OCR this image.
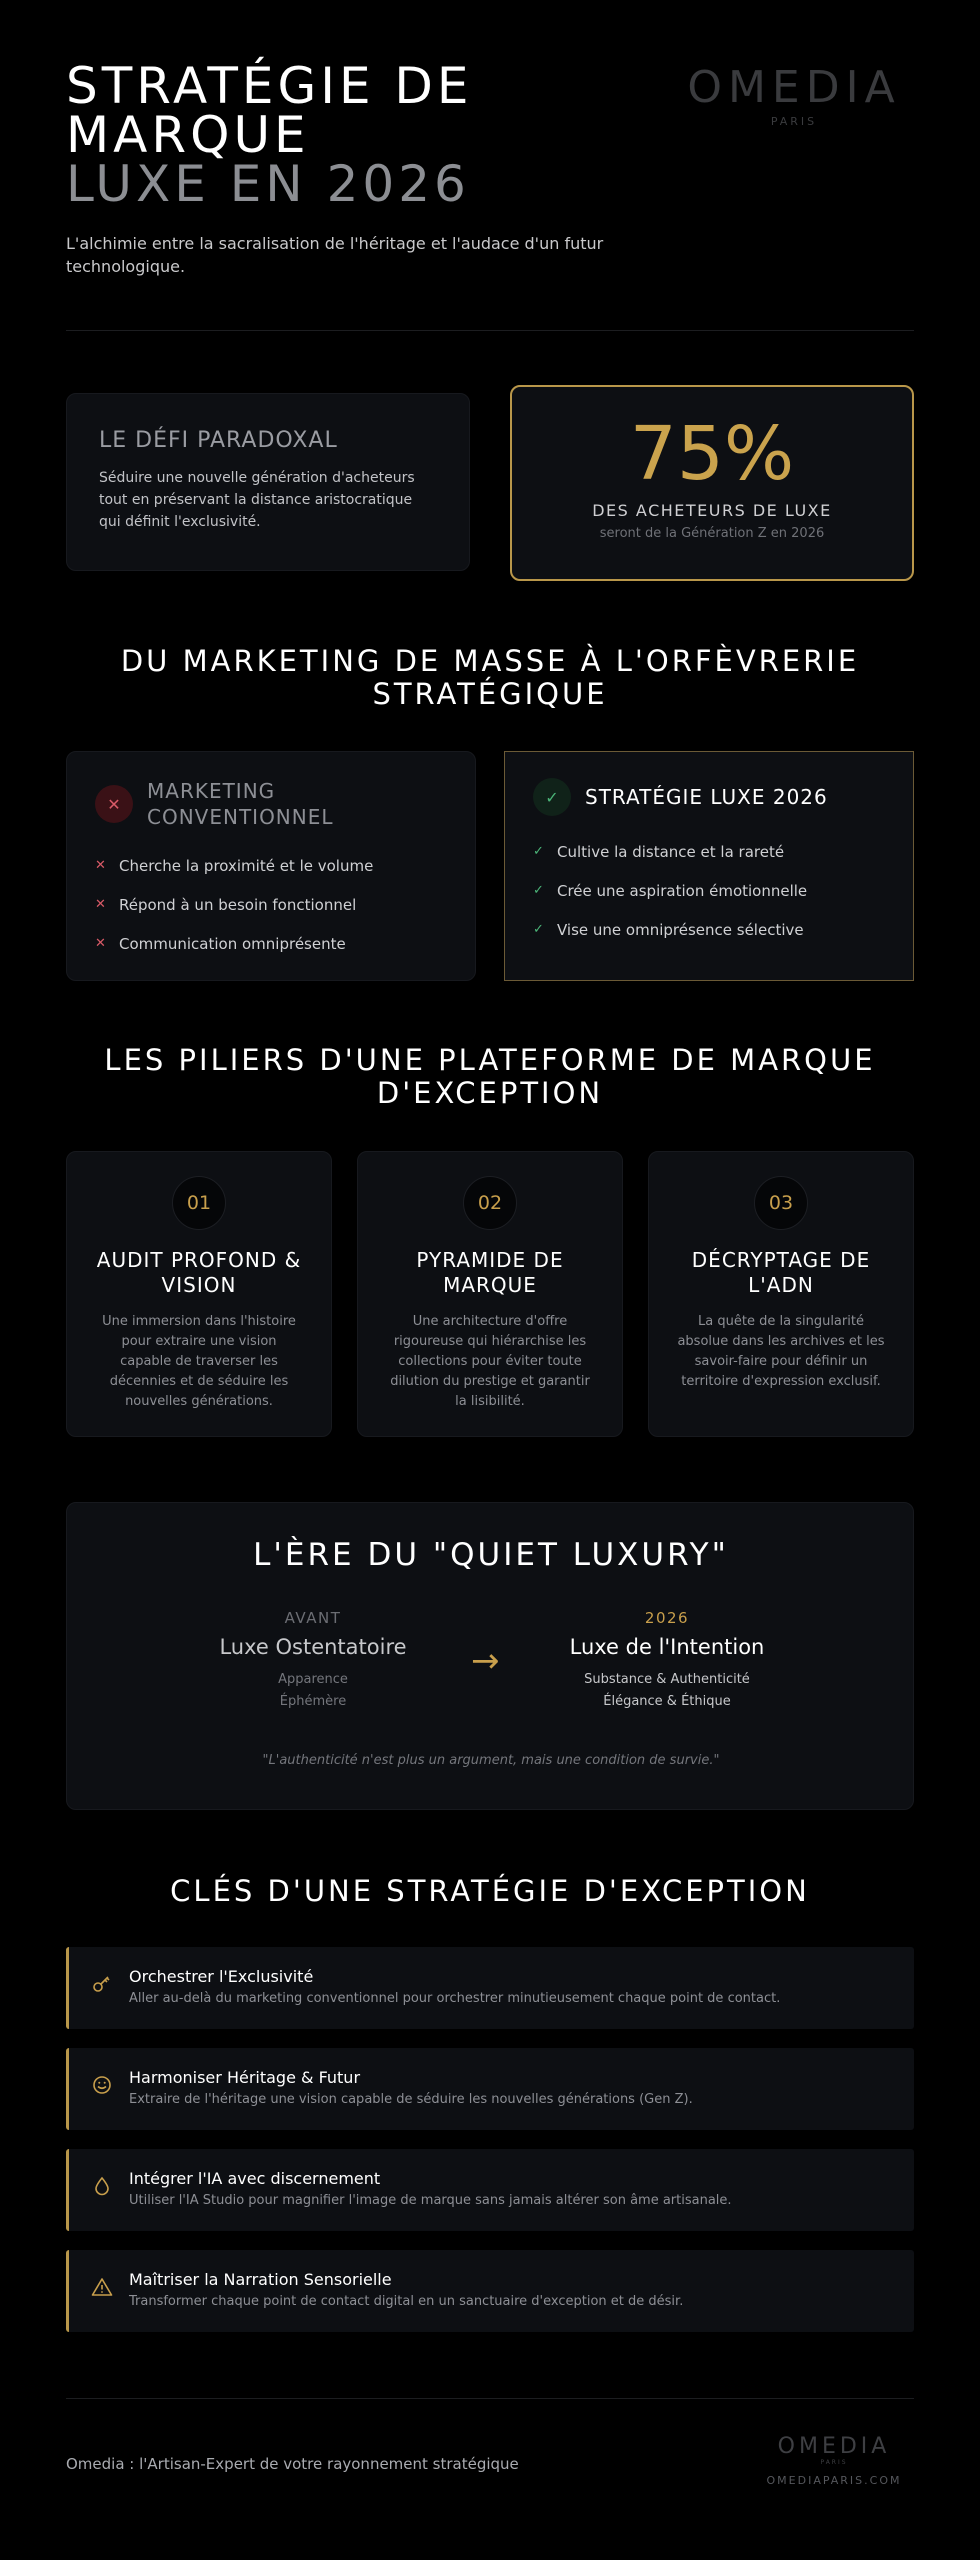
STRATÉGIE DE
MARQUE
LUXE EN 2026

L'alchimie entre la sacralisation de l'héritage et l'audace d'un futur technologique.

OMEDIA
PARIS
LE DÉFI PARADOXAL

Séduire une nouvelle génération d'acheteurs tout en préservant la distance aristocratique qui définit l'exclusivité.

75%
DES ACHETEURS DE LUXE
seront de la Génération Z en 2026
DU MARKETING DE MASSE À L'ORFÈVRERIE STRATÉGIQUE
✕
MARKETING CONVENTIONNEL
✕ Cherche la proximité et le volume
✕ Répond à un besoin fonctionnel
✕ Communication omniprésente
✓	STRATÉGIE LUXE 2026
✓ Cultive la distance et la rareté
✓ Crée une aspiration émotionnelle
✓ Vise une omniprésence sélective
LES PILIERS D'UNE PLATEFORME DE MARQUE D'EXCEPTION
01
AUDIT PROFOND & VISION
Une immersion dans l'histoire pour extraire une vision capable de traverser les décennies et de séduire les nouvelles générations.
02
PYRAMIDE DE MARQUE
Une architecture d'offre rigoureuse qui hiérarchise les collections pour éviter toute dilution du prestige et garantir la lisibilité.
03
DÉCRYPTAGE DE L'ADN
La quête de la singularité absolue dans les archives et les savoir-faire pour définir un territoire d'expression exclusif.
L'ÈRE DU "QUIET LUXURY"
AVANT
Luxe Ostentatoire
Apparence
Éphémère
→
2026
Luxe de l'Intention
Substance & Authenticité
Élégance & Éthique
"L'authenticité n'est plus un argument, mais une condition de survie."
CLÉS D'UNE STRATÉGIE D'EXCEPTION
Orchestrer l'Exclusivité
Aller au-delà du marketing conventionnel pour orchestrer minutieusement chaque point de contact.
Harmoniser Héritage & Futur
Extraire de l'héritage une vision capable de séduire les nouvelles générations (Gen Z).
Intégrer l'IA avec discernement
Utiliser l'IA Studio pour magnifier l'image de marque sans jamais altérer son âme artisanale.
Maîtriser la Narration Sensorielle
Transformer chaque point de contact digital en un sanctuaire d'exception et de désir.
Omedia : l'Artisan-Expert de votre rayonnement stratégique
OMEDIA
PARIS
OMEDIAPARIS.COM
